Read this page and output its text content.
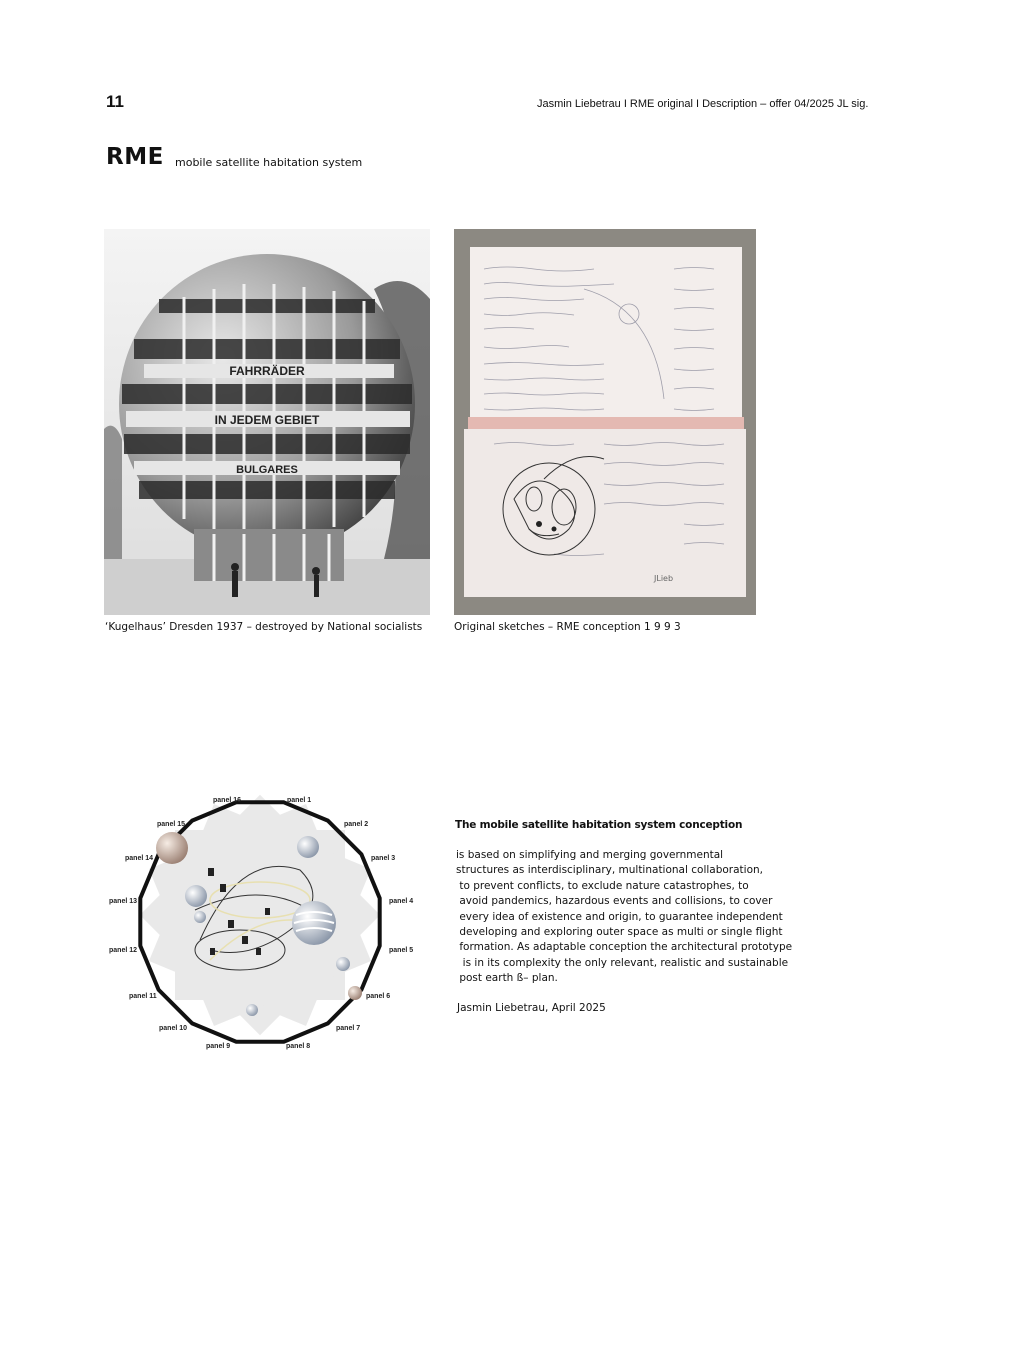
11	Jasmin Liebetrau I RME original I Description – offer 04/2025 JL sig.
RME mobile satellite habitation system
FAHRRÄDER
IN JEDEM GEBIET
BULGARES
JLieb
‘Kugelhaus’ Dresden 1937 – destroyed by National socialists	Original sketches – RME conception 1 9 9 3
panel 16	panel 1
panel 2
panel 3
panel 4
panel 5
panel 6
panel 7
panel 8
panel 9
panel 10
panel 11
panel 12
panel 13
panel 14
panel 15	The mobile satellite habitation system conception
is based on simplifying and merging governmental
structures as interdisciplinary, multinational collaboration,
to prevent conflicts, to exclude nature catastrophes, to
avoid pandemics, hazardous events and collisions, to cover
every idea of existence and origin, to guarantee independent
developing and exploring outer space as multi or single flight
formation. As adaptable conception the architectural prototype
is in its complexity the only relevant, realistic and sustainable
post earth ß– plan.
Jasmin Liebetrau, April 2025
